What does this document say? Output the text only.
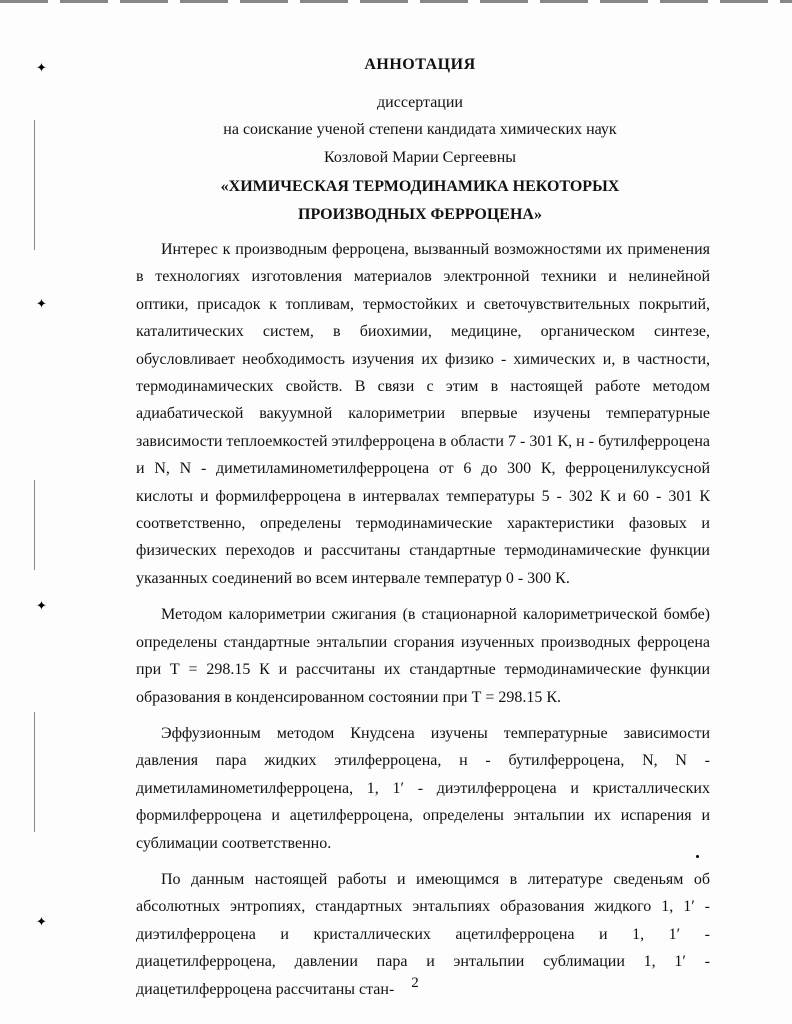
✦
✦
✦
✦
АННОТАЦИЯ
диссертации
на соискание ученой степени кандидата химических наук
Козловой Марии Сергеевны
«ХИМИЧЕСКАЯ ТЕРМОДИНАМИКА НЕКОТОРЫХ
ПРОИЗВОДНЫХ ФЕРРОЦЕНА»

Интерес к производным ферроцена, вызванный возможностями их применения в технологиях изготовления материалов электронной техники и нелинейной оптики, присадок к топливам, термостойких и светочувствительных покрытий, каталитических систем, в биохимии, медицине, органическом синтезе, обусловливает необходимость изучения их физико - химических и, в частности, термодинамических свойств. В связи с этим в настоящей работе методом адиабатической вакуумной калориметрии впервые изучены температурные зависимости теплоемкостей этилферроцена в области 7 - 301 К, н - бутилферроцена и N, N - диметиламинометилферроцена от 6 до 300 К, ферроценилуксусной кислоты и формилферроцена в интервалах температуры 5 - 302 К и 60 - 301 К соответственно, определены термодинамические характеристики фазовых и физических переходов и рассчитаны стандартные термодинамические функции указанных соединений во всем интервале температур 0 - 300 К.

Методом калориметрии сжигания (в стационарной калориметрической бомбе) определены стандартные энтальпии сгорания изученных производных ферроцена при Т = 298.15 К и рассчитаны их стандартные термодинамические функции образования в конденсированном состоянии при Т = 298.15 К.

Эффузионным методом Кнудсена изучены температурные зависимости давления пара жидких этилферроцена, н - бутилферроцена, N, N - диметиламинометилферроцена, 1, 1′ - диэтилферроцена и кристаллических формилферроцена и ацетилферроцена, определены энтальпии их испарения и сублимации соответственно.

По данным настоящей работы и имеющимся в литературе сведеньям об абсолютных энтропиях, стандартных энтальпиях образования жидкого 1, 1′ - диэтилферроцена и кристаллических ацетилферроцена и 1, 1′ - диацетилферроцена, давлении пара и энтальпии сублимации 1, 1′ - диацетилферроцена рассчитаны стан-	2
